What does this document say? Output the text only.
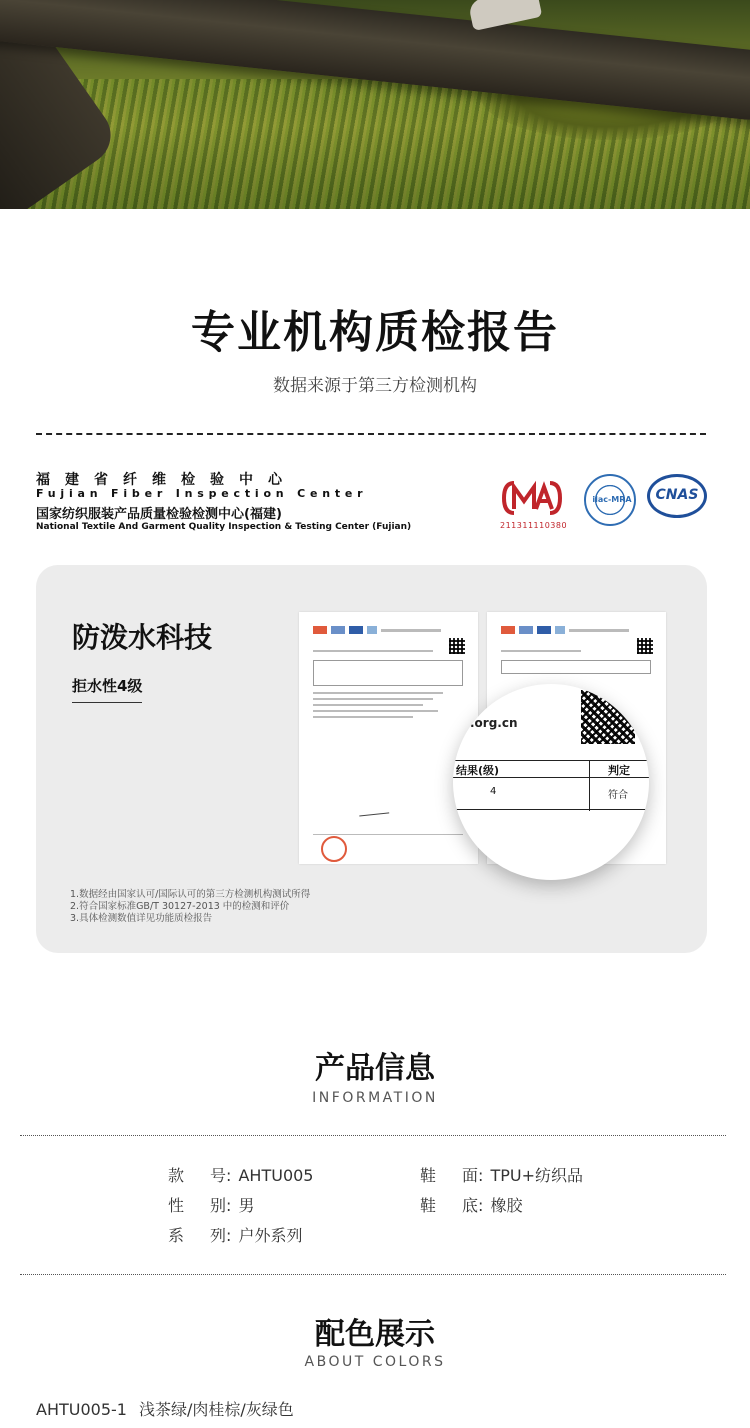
专业机构质检报告
数据来源于第三方检测机构
福建省纤维检验中心
Fujian Fiber Inspection Center
国家纺织服装产品质量检验检测中心(福建)
National Textile And Garment Quality Inspection & Testing Center (Fujian)	211311110380
ilac-MRA	CNAS
防泼水科技
拒水性4级
z.org.cn
结果(级)	判定
4	符合
1.数据经由国家认可/国际认可的第三方检测机构测试所得
2.符合国家标准GB/T 30127-2013 中的检测和评价
3.具体检测数值详见功能质检报告
产品信息
INFORMATION
款号: AHTU005	鞋面: TPU+纺织品
性别: 男	鞋底: 橡胶
系列: 户外系列
配色展示
ABOUT COLORS
AHTU005-1 浅茶绿/肉桂棕/灰绿色
